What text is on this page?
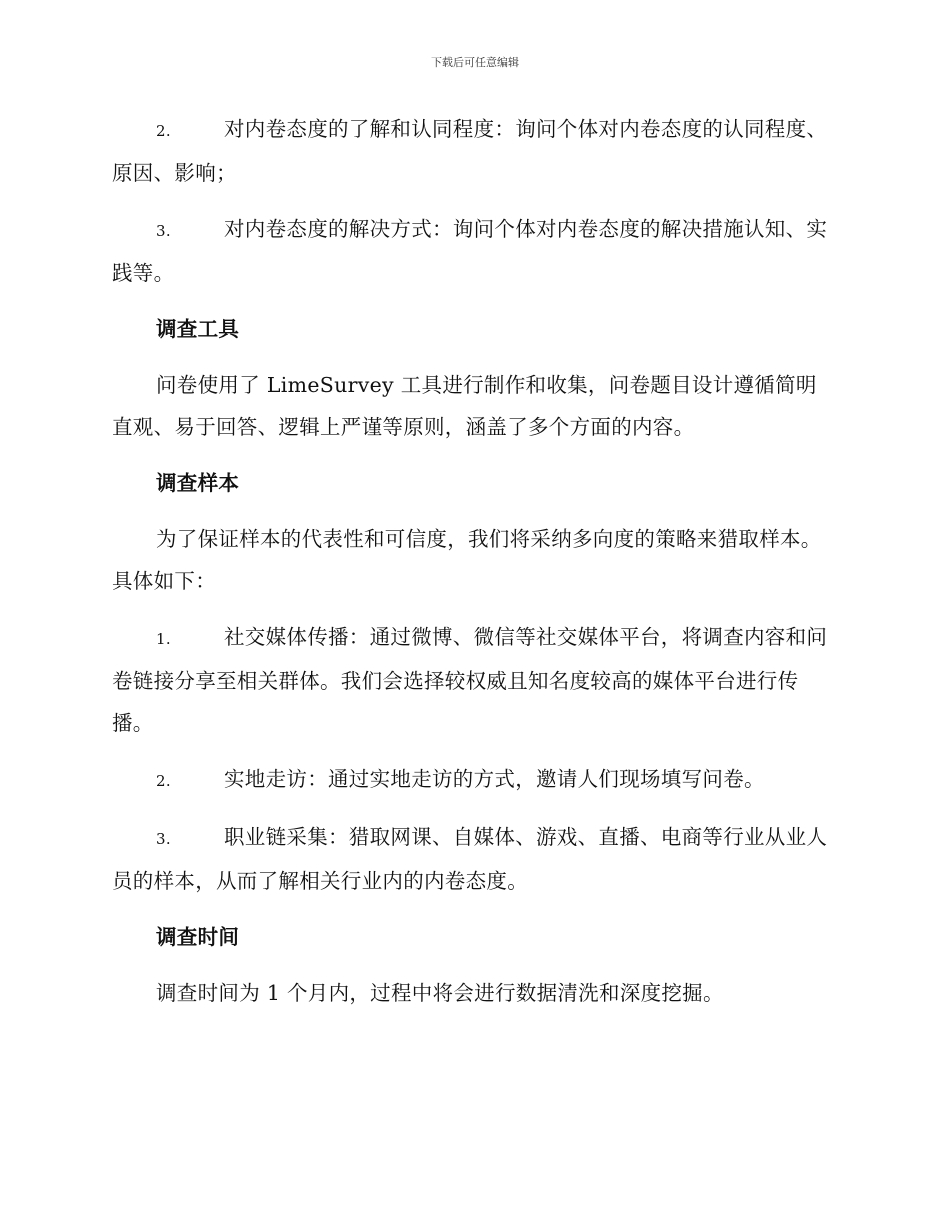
下载后可任意编辑

2.	对内卷态度的了解和认同程度：询问个体对内卷态度的认同程度、原因、影响；

3.	对内卷态度的解决方式：询问个体对内卷态度的解决措施认知、实践等。

调查工具

问卷使用了 LimeSurvey 工具进行制作和收集，问卷题目设计遵循简明直观、易于回答、逻辑上严谨等原则，涵盖了多个方面的内容。

调查样本

为了保证样本的代表性和可信度，我们将采纳多向度的策略来猎取样本。具体如下：

1.	社交媒体传播：通过微博、微信等社交媒体平台，将调查内容和问卷链接分享至相关群体。我们会选择较权威且知名度较高的媒体平台进行传播。

2.	实地走访：通过实地走访的方式，邀请人们现场填写问卷。

3.	职业链采集：猎取网课、自媒体、游戏、直播、电商等行业从业人员的样本，从而了解相关行业内的内卷态度。

调查时间

调查时间为 1 个月内，过程中将会进行数据清洗和深度挖掘。
